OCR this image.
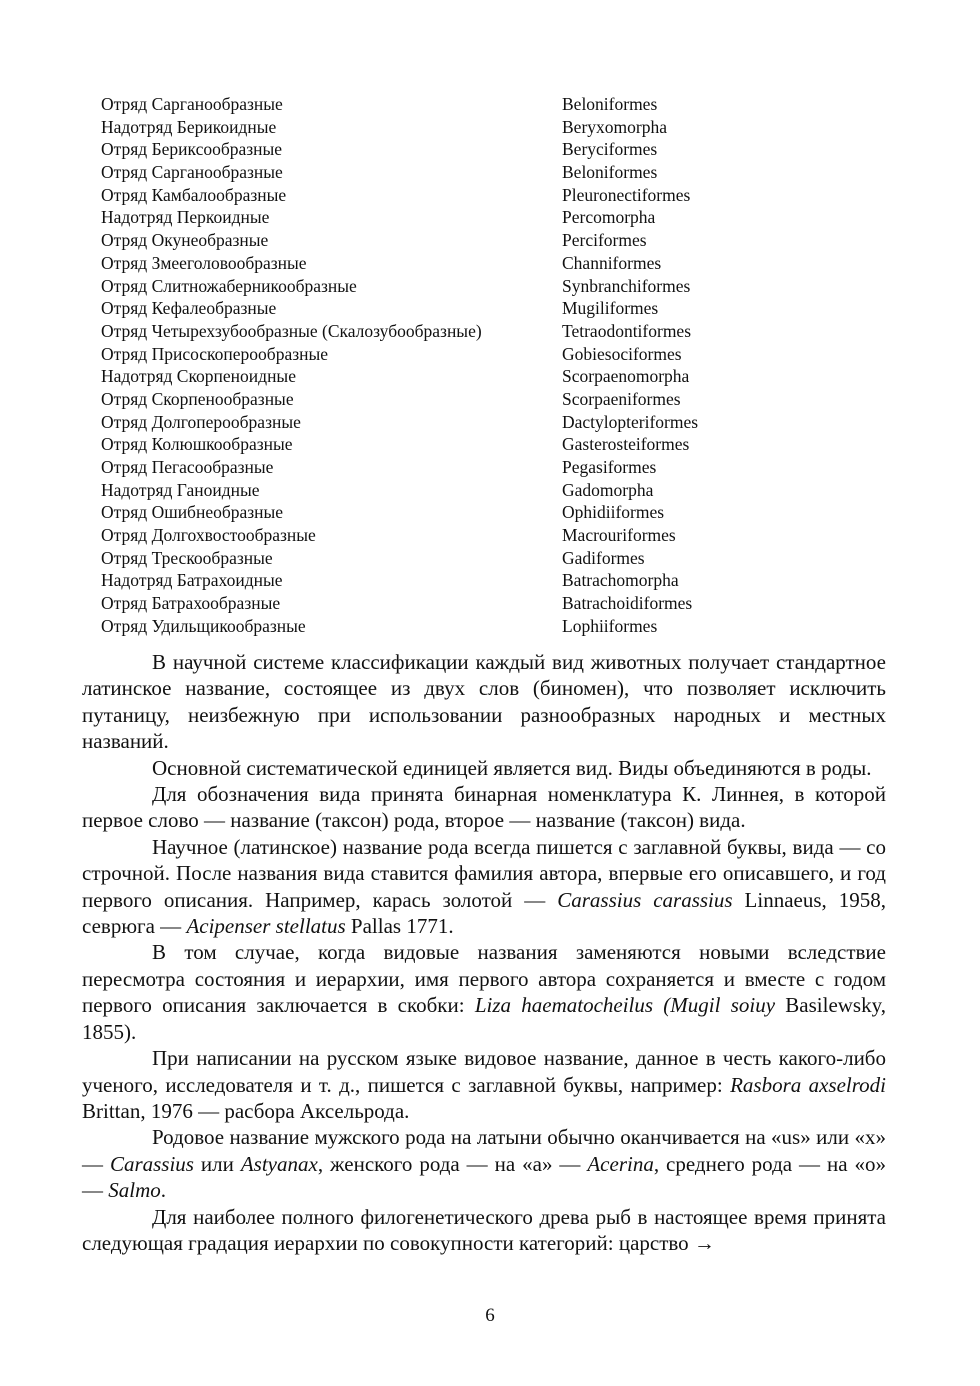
Отряд Сарганообразные	Beloniformes
Надотряд Берикоидные	Beryxomorpha
Отряд Бериксообразные	Beryciformes
Отряд Сарганообразные	Beloniformes
Отряд Камбалообразные	Pleuronectiformes
Надотряд Перкоидные	Percomorpha
Отряд Окунеобразные	Perciformes
Отряд Змееголовообразные	Channiformes
Отряд Слитножаберникообразные	Synbranchiformes
Отряд Кефалеобразные	Mugiliformes
Отряд Четырехзубообразные (Скалозубообразные)	Tetraodontiformes
Отряд Присоскоперообразные	Gobiesociformes
Надотряд Скорпеноидные	Scorpaenomorpha
Отряд Скорпенообразные	Scorpaeniformes
Отряд Долгоперообразные	Dactylopteriformes
Отряд Колюшкообразные	Gasterosteiformes
Отряд Пегасообразные	Pegasiformes
Надотряд Ганоидные	Gadomorpha
Отряд Ошибнеобразные	Ophidiiformes
Отряд Долгохвостообразные	Macrouriformes
Отряд Трескообразные	Gadiformes
Надотряд Батрахоидные	Batrachomorpha
Отряд Батрахообразные	Batrachoidiformes
Отряд Удильщикообразные	Lophiiformes

В научной системе классификации каждый вид животных получает стандартное латинское название, состоящее из двух слов (биномен), что позволяет исключить путаницу, неизбежную при использовании разнообразных народных и местных названий.

Основной систематической единицей является вид. Виды объединяются в роды.

Для обозначения вида принята бинарная номенклатура К. Линнея, в которой первое слово — название (таксон) рода, второе — название (таксон) вида.

Научное (латинское) название рода всегда пишется с заглавной буквы, вида — со строчной. После названия вида ставится фамилия автора, впервые его описавшего, и год первого описания. Например, карась золотой — Carassius carassius Linnaeus, 1958, севрюга — Acipenser stellatus Pallas 1771.

В том случае, когда видовые названия заменяются новыми вследствие пересмотра состояния и иерархии, имя первого автора сохраняется и вместе с годом первого описания заключается в скобки: Liza haematocheilus (Mugil soiuy Basilewsky, 1855).

При написании на русском языке видовое название, данное в честь какого-либо ученого, исследователя и т. д., пишется с заглавной буквы, например: Rasbora axselrodi Brittan, 1976 — расбора Аксельрода.

Родовое название мужского рода на латыни обычно оканчивается на «us» или «x» — Carassius или Astyanax, женского рода — на «a» — Acerina, среднего рода — на «o» — Salmo.

Для наиболее полного филогенетического древа рыб в настоящее время принята следующая градация иерархии по совокупности категорий: царство →

6
